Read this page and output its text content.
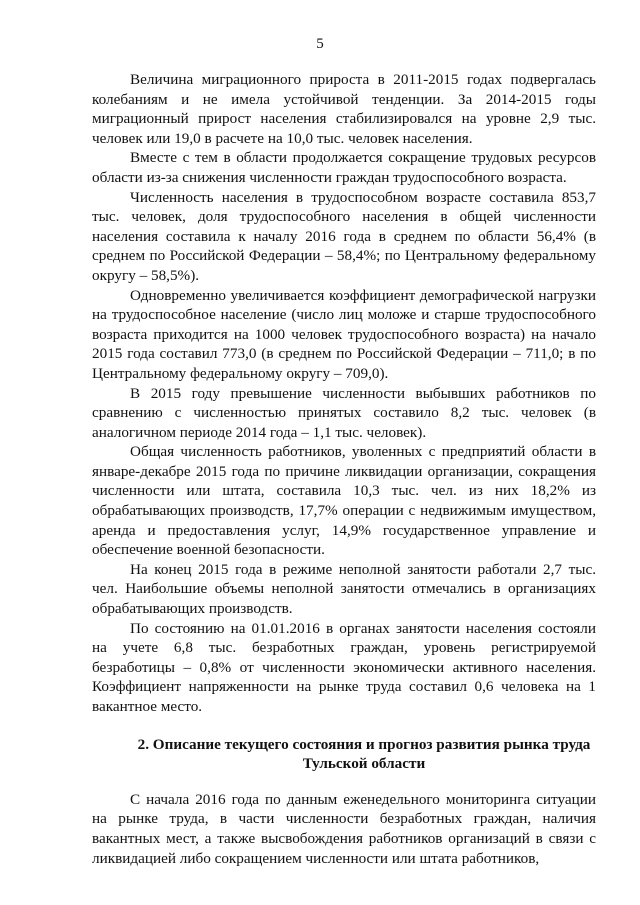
5

Величина миграционного прироста в 2011-2015 годах подвергалась колебаниям и не имела устойчивой тенденции. За 2014-2015 годы миграционный прирост населения стабилизировался на уровне 2,9 тыс. человек или 19,0 в расчете на 10,0 тыс. человек населения.

Вместе с тем в области продолжается сокращение трудовых ресурсов области из-за снижения численности граждан трудоспособного возраста.

Численность населения в трудоспособном возрасте составила 853,7 тыс. человек, доля трудоспособного населения в общей численности населения составила к началу 2016 года в среднем по области 56,4% (в среднем по Российской Федерации – 58,4%; по Центральному федеральному округу – 58,5%).

Одновременно увеличивается коэффициент демографической нагрузки на трудоспособное население (число лиц моложе и старше трудоспособного возраста приходится на 1000 человек трудоспособного возраста) на начало 2015 года составил 773,0 (в среднем по Российской Федерации – 711,0; в по Центральному федеральному округу – 709,0).

В 2015 году превышение численности выбывших работников по сравнению с численностью принятых составило 8,2 тыс. человек (в аналогичном периоде 2014 года – 1,1 тыс. человек).

Общая численность работников, уволенных с предприятий области в январе-декабре 2015 года по причине ликвидации организации, сокращения численности или штата, составила 10,3 тыс. чел. из них 18,2% из обрабатывающих производств, 17,7% операции с недвижимым имуществом, аренда и предоставления услуг, 14,9% государственное управление и обеспечение военной безопасности.

На конец 2015 года в режиме неполной занятости работали 2,7 тыс. чел. Наибольшие объемы неполной занятости отмечались в организациях обрабатывающих производств.

По состоянию на 01.01.2016 в органах занятости населения состояли на учете 6,8 тыс. безработных граждан, уровень регистрируемой безработицы – 0,8% от численности экономически активного населения. Коэффициент напряженности на рынке труда составил 0,6 человека на 1 вакантное место.

2. Описание текущего состояния и прогноз развития рынка труда Тульской области

С начала 2016 года по данным еженедельного мониторинга ситуации на рынке труда, в части численности безработных граждан, наличия вакантных мест, а также высвобождения работников организаций в связи с ликвидацией либо сокращением численности или штата работников,
